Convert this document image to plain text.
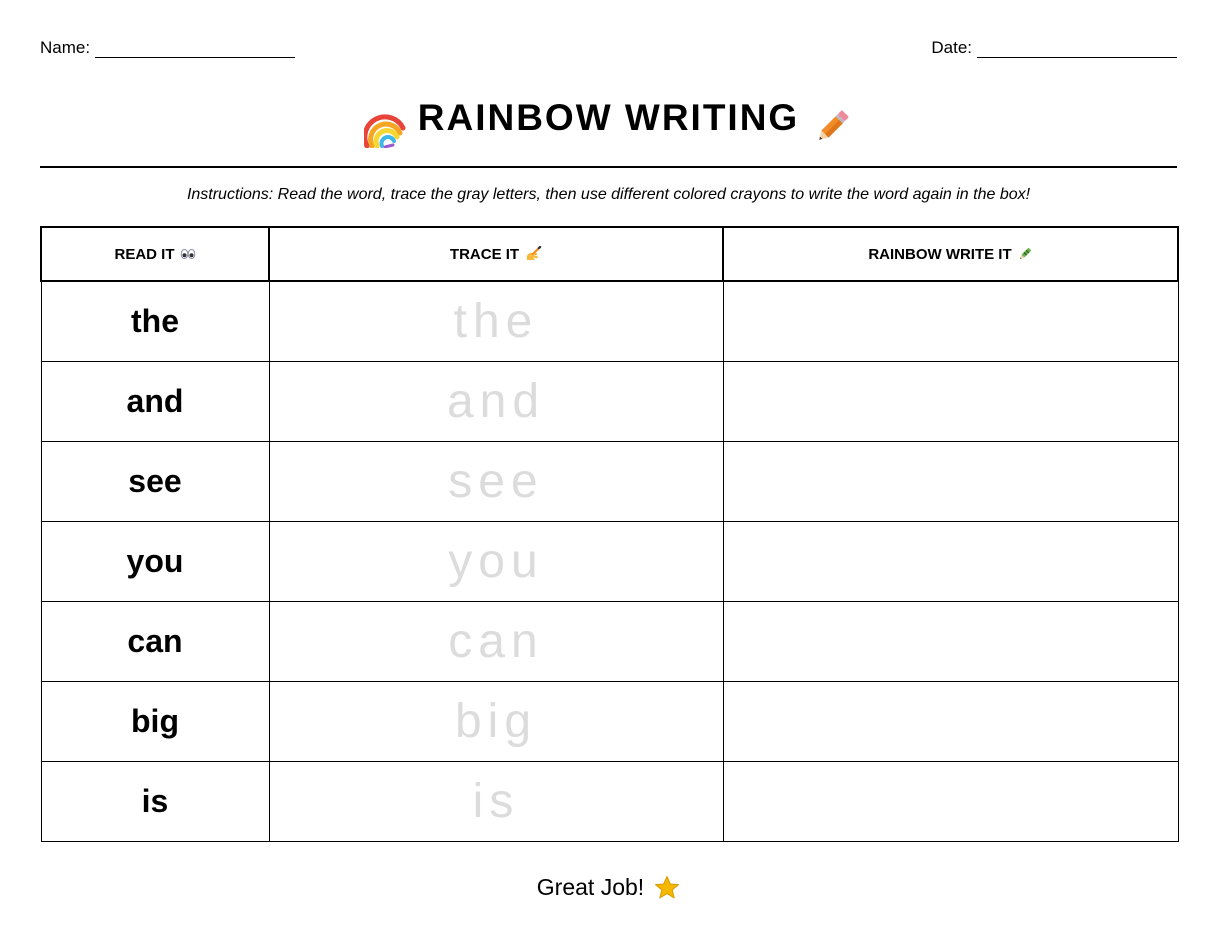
Name:	Date:
RAINBOW WRITING
Instructions: Read the word, trace the gray letters, then use different colored crayons to write the word again in the box!
READ IT	TRACE IT	RAINBOW WRITE IT

the	the	
and	and	
see	see	
you	you	
can	can	
big	big	
is	is	
Great Job!
